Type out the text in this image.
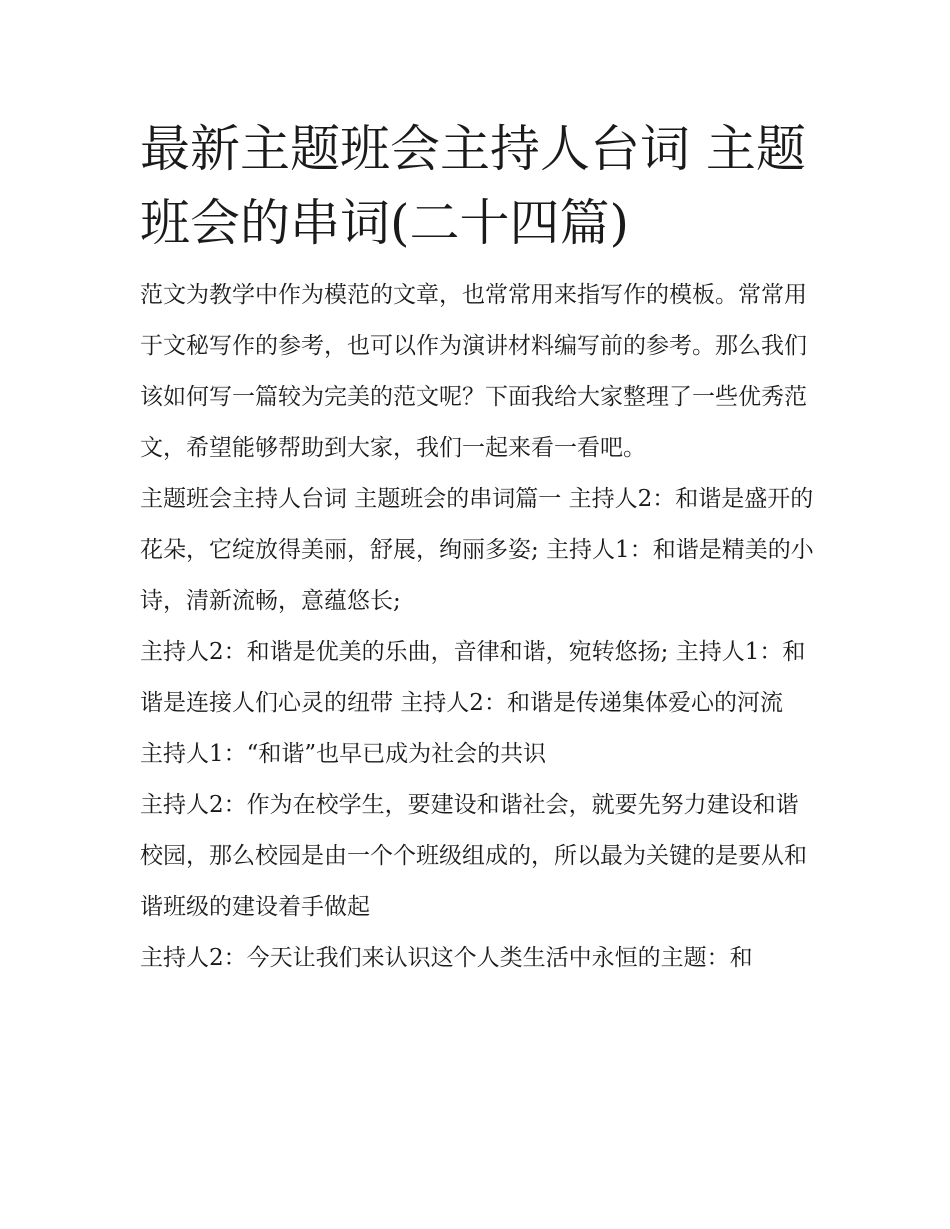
最新主题班会主持人台词 主题班会的串词(二十四篇)

范文为教学中作为模范的文章，也常常用来指写作的模板。常常用于文秘写作的参考，也可以作为演讲材料编写前的参考。那么我们该如何写一篇较为完美的范文呢？下面我给大家整理了一些优秀范文，希望能够帮助到大家，我们一起来看一看吧。

主题班会主持人台词 主题班会的串词篇一 主持人2：和谐是盛开的花朵，它绽放得美丽，舒展，绚丽多姿; 主持人1：和谐是精美的小诗，清新流畅，意蕴悠长;

主持人2：和谐是优美的乐曲，音律和谐，宛转悠扬; 主持人1：和谐是连接人们心灵的纽带 主持人2：和谐是传递集体爱心的河流

主持人1：“和谐”也早已成为社会的共识

主持人2：作为在校学生，要建设和谐社会，就要先努力建设和谐校园，那么校园是由一个个班级组成的，所以最为关键的是要从和谐班级的建设着手做起

主持人2：今天让我们来认识这个人类生活中永恒的主题：和
